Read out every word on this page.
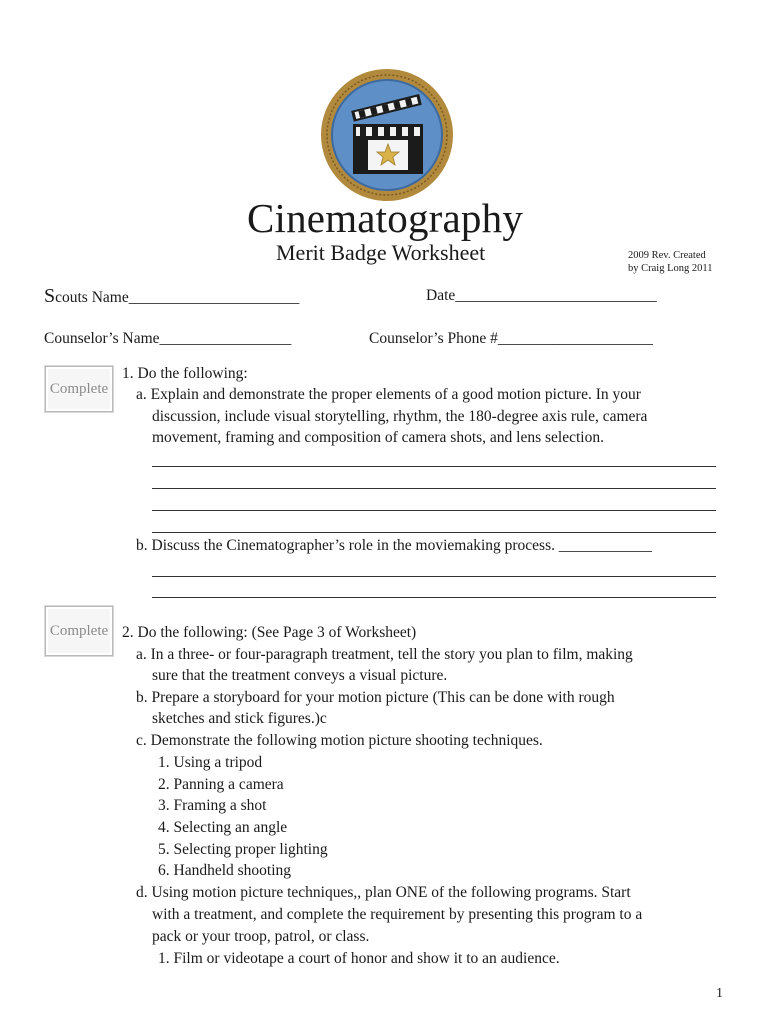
Cinematography
Merit Badge Worksheet	2009 Rev. Created
by Craig Long 2011
Scouts Name______________________	Date__________________________
Counselor’s Name_________________	Counselor’s Phone #____________________
Complete
1. Do the following:
a. Explain and demonstrate the proper elements of a good motion picture. In your
discussion, include visual storytelling, rhythm, the 180-degree axis rule, camera
movement, framing and composition of camera shots, and lens selection.
b. Discuss the Cinematographer’s role in the moviemaking process. ____________
Complete 2. Do the following: (See Page 3 of Worksheet)
a. In a three- or four-paragraph treatment, tell the story you plan to film, making
sure that the treatment conveys a visual picture.
b. Prepare a storyboard for your motion picture (This can be done with rough
sketches and stick figures.)c
c. Demonstrate the following motion picture shooting techniques.
1. Using a tripod
2. Panning a camera
3. Framing a shot
4. Selecting an angle
5. Selecting proper lighting
6. Handheld shooting
d. Using motion picture techniques,, plan ONE of the following programs. Start
with a treatment, and complete the requirement by presenting this program to a
pack or your troop, patrol, or class.
1. Film or videotape a court of honor and show it to an audience.
1
